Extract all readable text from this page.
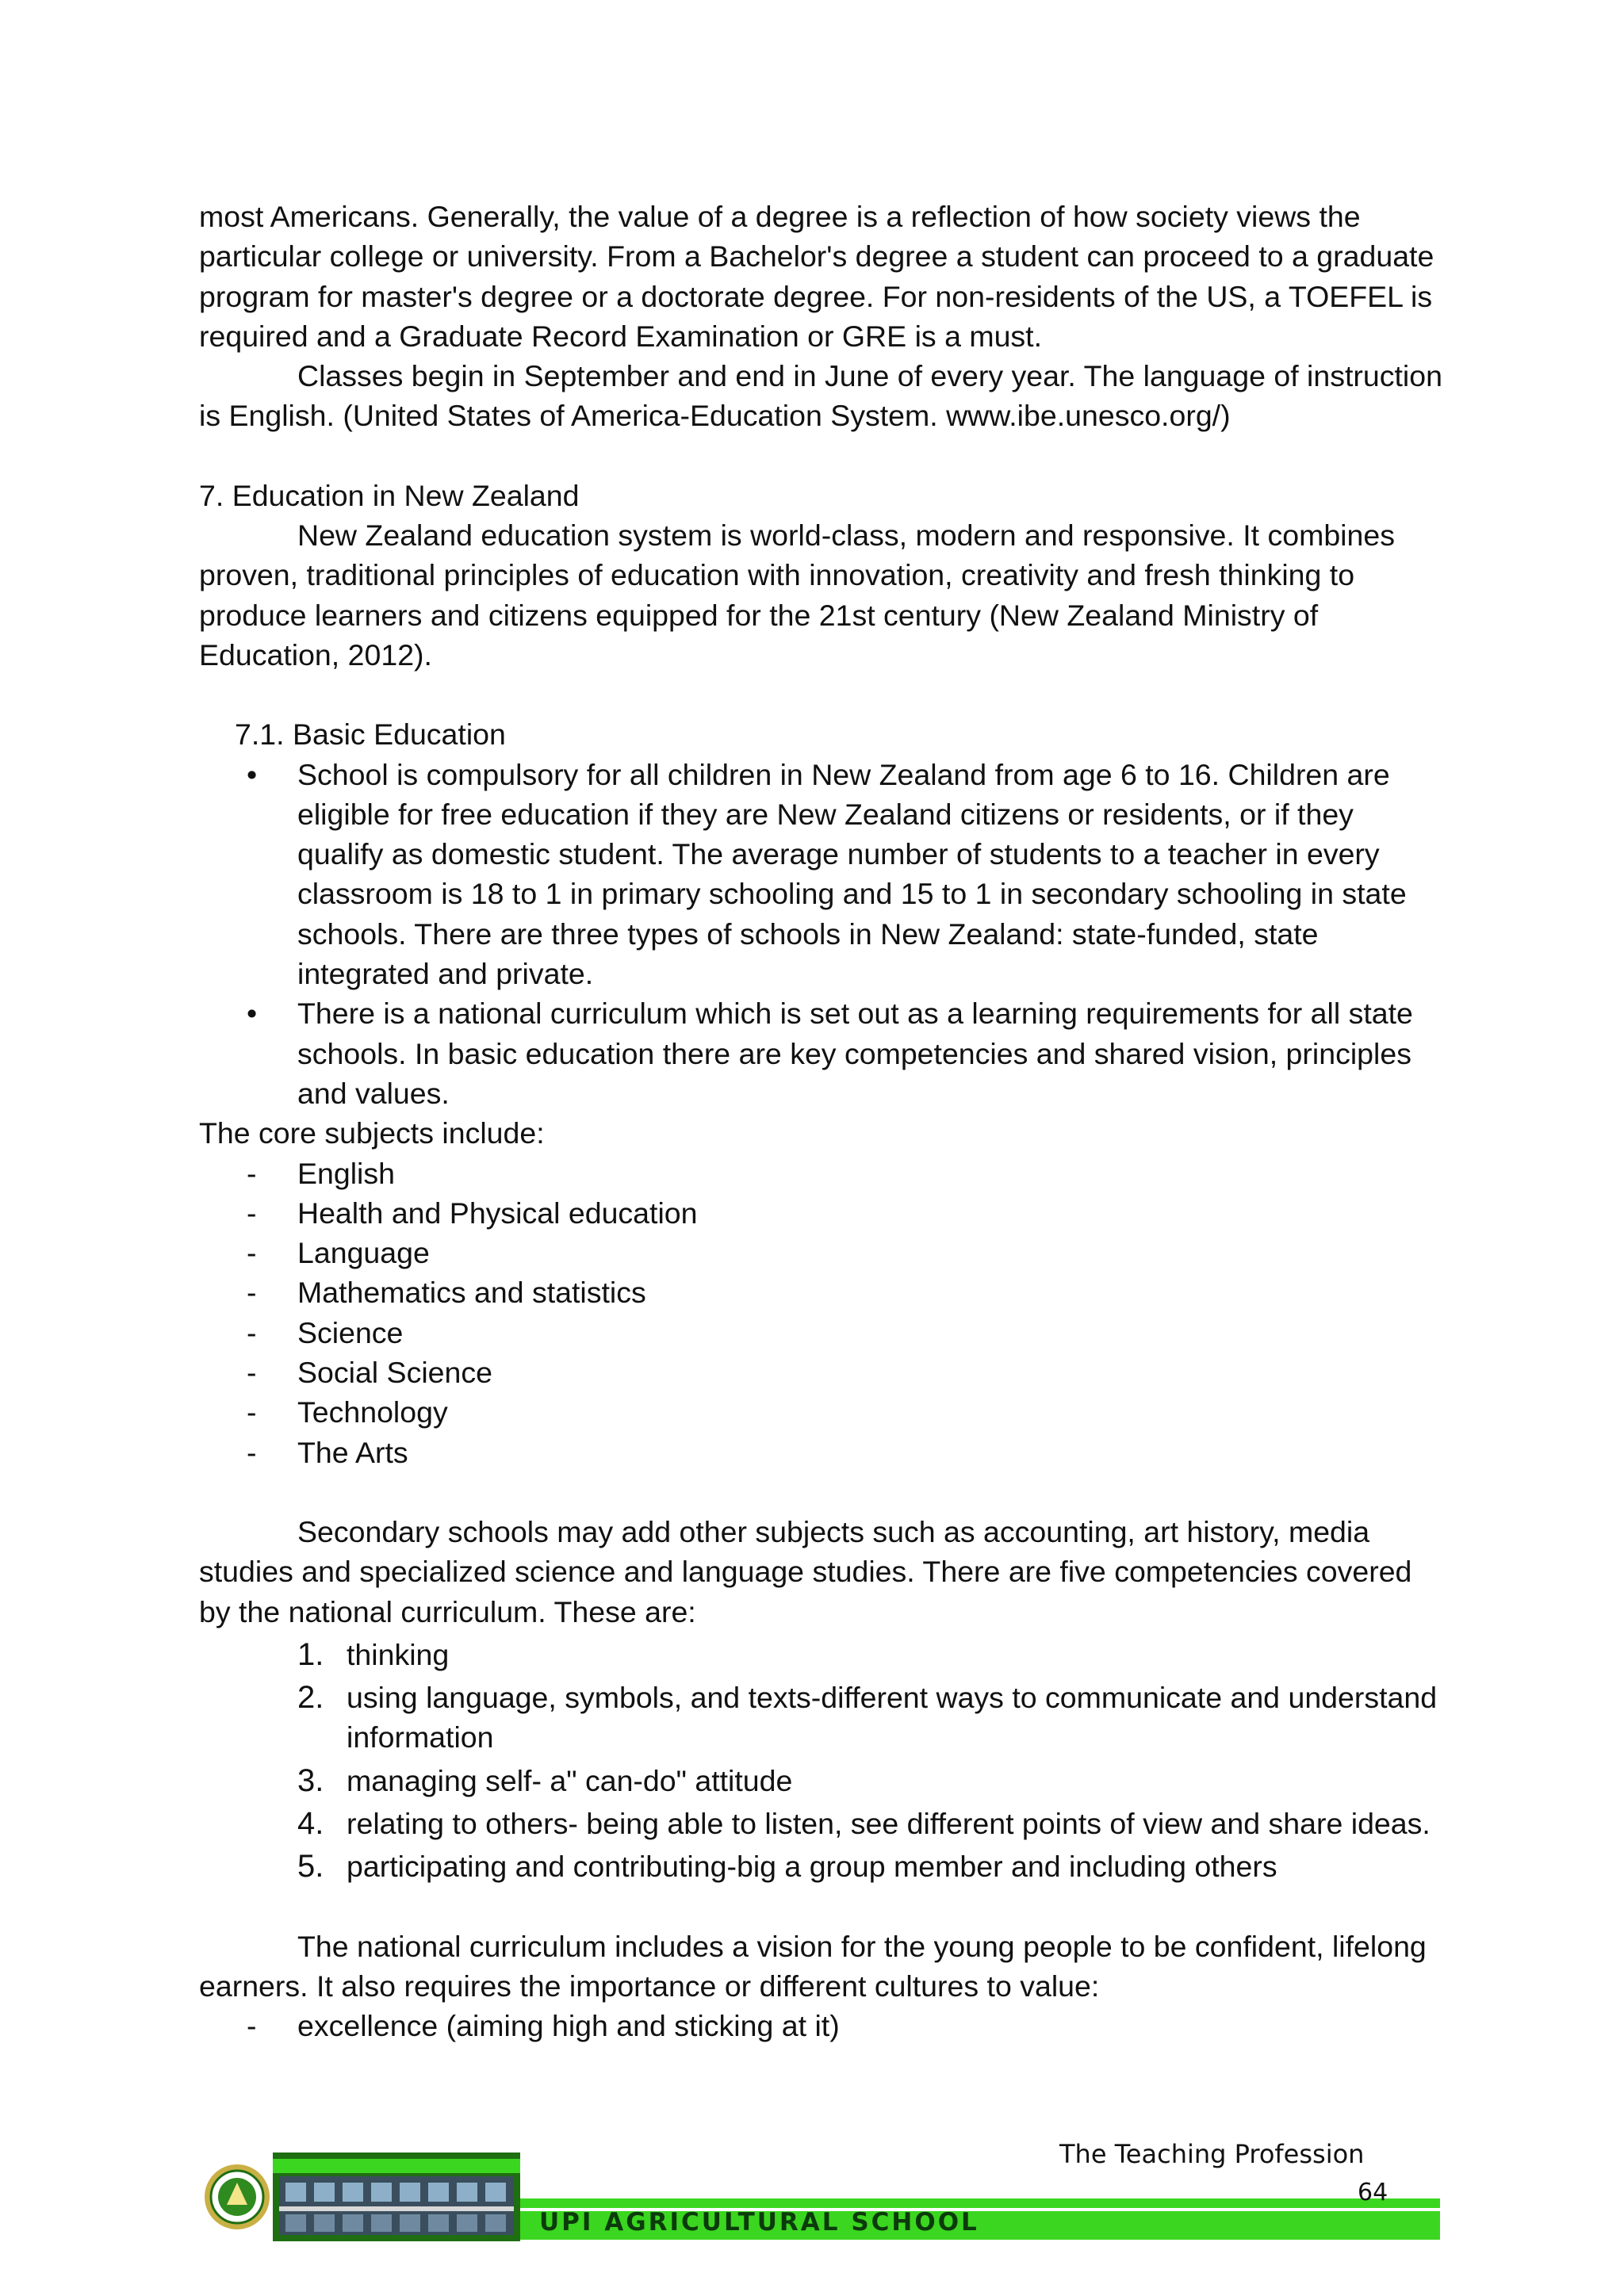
most Americans. Generally, the value of a degree is a reflection of how society views the particular college or university. From a Bachelor's degree a student can proceed to a graduate program for master's degree or a doctorate degree. For non-residents of the US, a TOEFEL is required and a Graduate Record Examination or GRE is a must.

Classes begin in September and end in June of every year. The language of instruction is English. (United States of America-Education System. www.ibe.unesco.org/)

7. Education in New Zealand

New Zealand education system is world-class, modern and responsive. It combines proven, traditional principles of education with innovation, creativity and fresh thinking to produce learners and citizens equipped for the 21st century (New Zealand Ministry of Education, 2012).

7.1. Basic Education

• School is compulsory for all children in New Zealand from age 6 to 16. Children are eligible for free education if they are New Zealand citizens or residents, or if they qualify as domestic student. The average number of students to a teacher in every classroom is 18 to 1 in primary schooling and 15 to 1 in secondary schooling in state schools. There are three types of schools in New Zealand: state-funded, state integrated and private.
• There is a national curriculum which is set out as a learning requirements for all state schools. In basic education there are key competencies and shared vision, principles and values.

The core subjects include:

- English
- Health and Physical education
- Language
- Mathematics and statistics
- Science
- Social Science
- Technology
- The Arts

Secondary schools may add other subjects such as accounting, art history, media studies and specialized science and language studies. There are five competencies covered by the national curriculum. These are:

1. thinking
2. using language, symbols, and texts-different ways to communicate and understand information
3. managing self- a" can-do" attitude
4. relating to others- being able to listen, see different points of view and share ideas.
5. participating and contributing-big a group member and including others

The national curriculum includes a vision for the young people to be confident, lifelong earners. It also requires the importance or different cultures to value:

- excellence (aiming high and sticking at it)
UPI AGRICULTURAL SCHOOL
The Teaching Profession
64
